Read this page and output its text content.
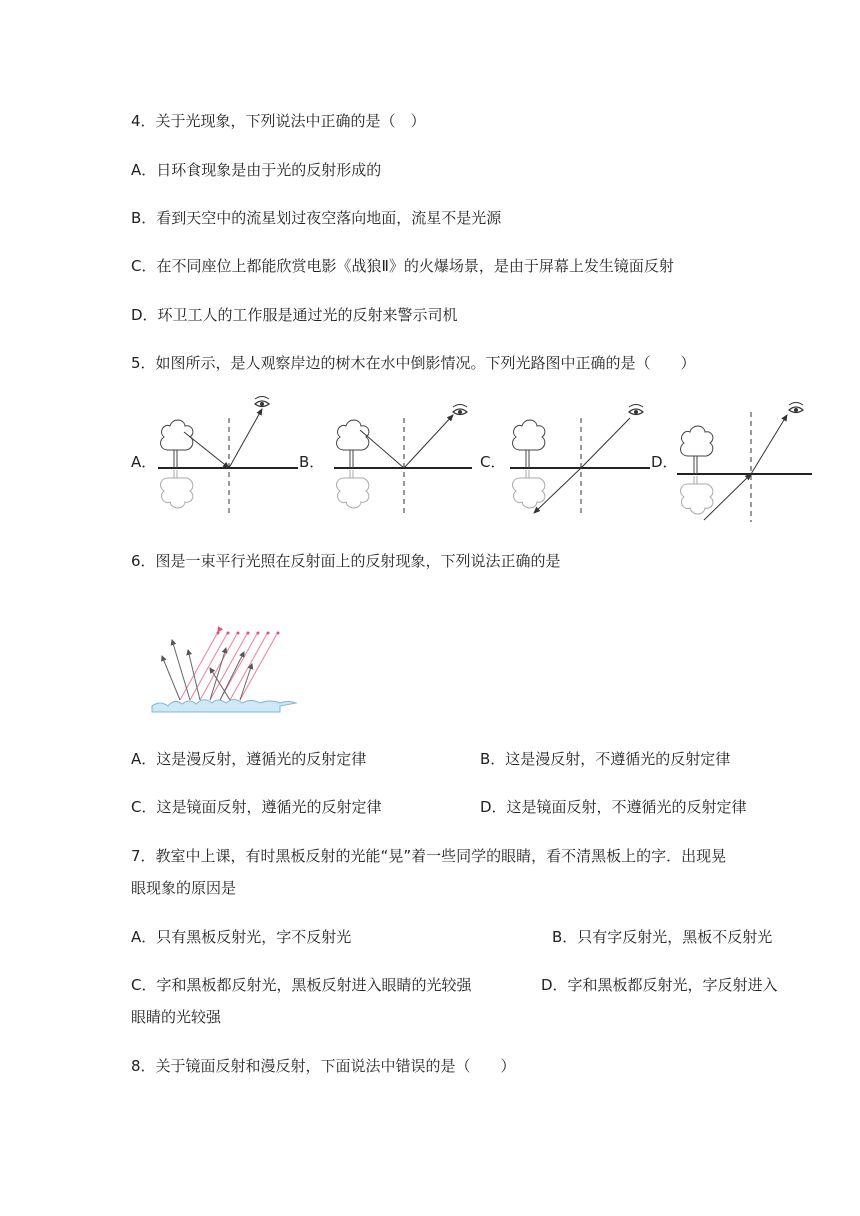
4．关于光现象，下列说法中正确的是（　）
A．日环食现象是由于光的反射形成的
B．看到天空中的流星划过夜空落向地面，流星不是光源
C．在不同座位上都能欣赏电影《战狼Ⅱ》的火爆场景，是由于屏幕上发生镜面反射
D．环卫工人的工作服是通过光的反射来警示司机
5．如图所示，是人观察岸边的树木在水中倒影情况。下列光路图中正确的是（　　）
A．	B．	C．	D．
6．图是一束平行光照在反射面上的反射现象，下列说法正确的是
A．这是漫反射，遵循光的反射定律	B．这是漫反射，不遵循光的反射定律
C．这是镜面反射，遵循光的反射定律	D．这是镜面反射，不遵循光的反射定律
7．教室中上课，有时黑板反射的光能“晃”着一些同学的眼睛，看不清黑板上的字．出现晃
眼现象的原因是
A．只有黑板反射光，字不反射光	B．只有字反射光，黑板不反射光
C．字和黑板都反射光，黑板反射进入眼睛的光较强	D．字和黑板都反射光，字反射进入
眼睛的光较强
8．关于镜面反射和漫反射，下面说法中错误的是（　　）
